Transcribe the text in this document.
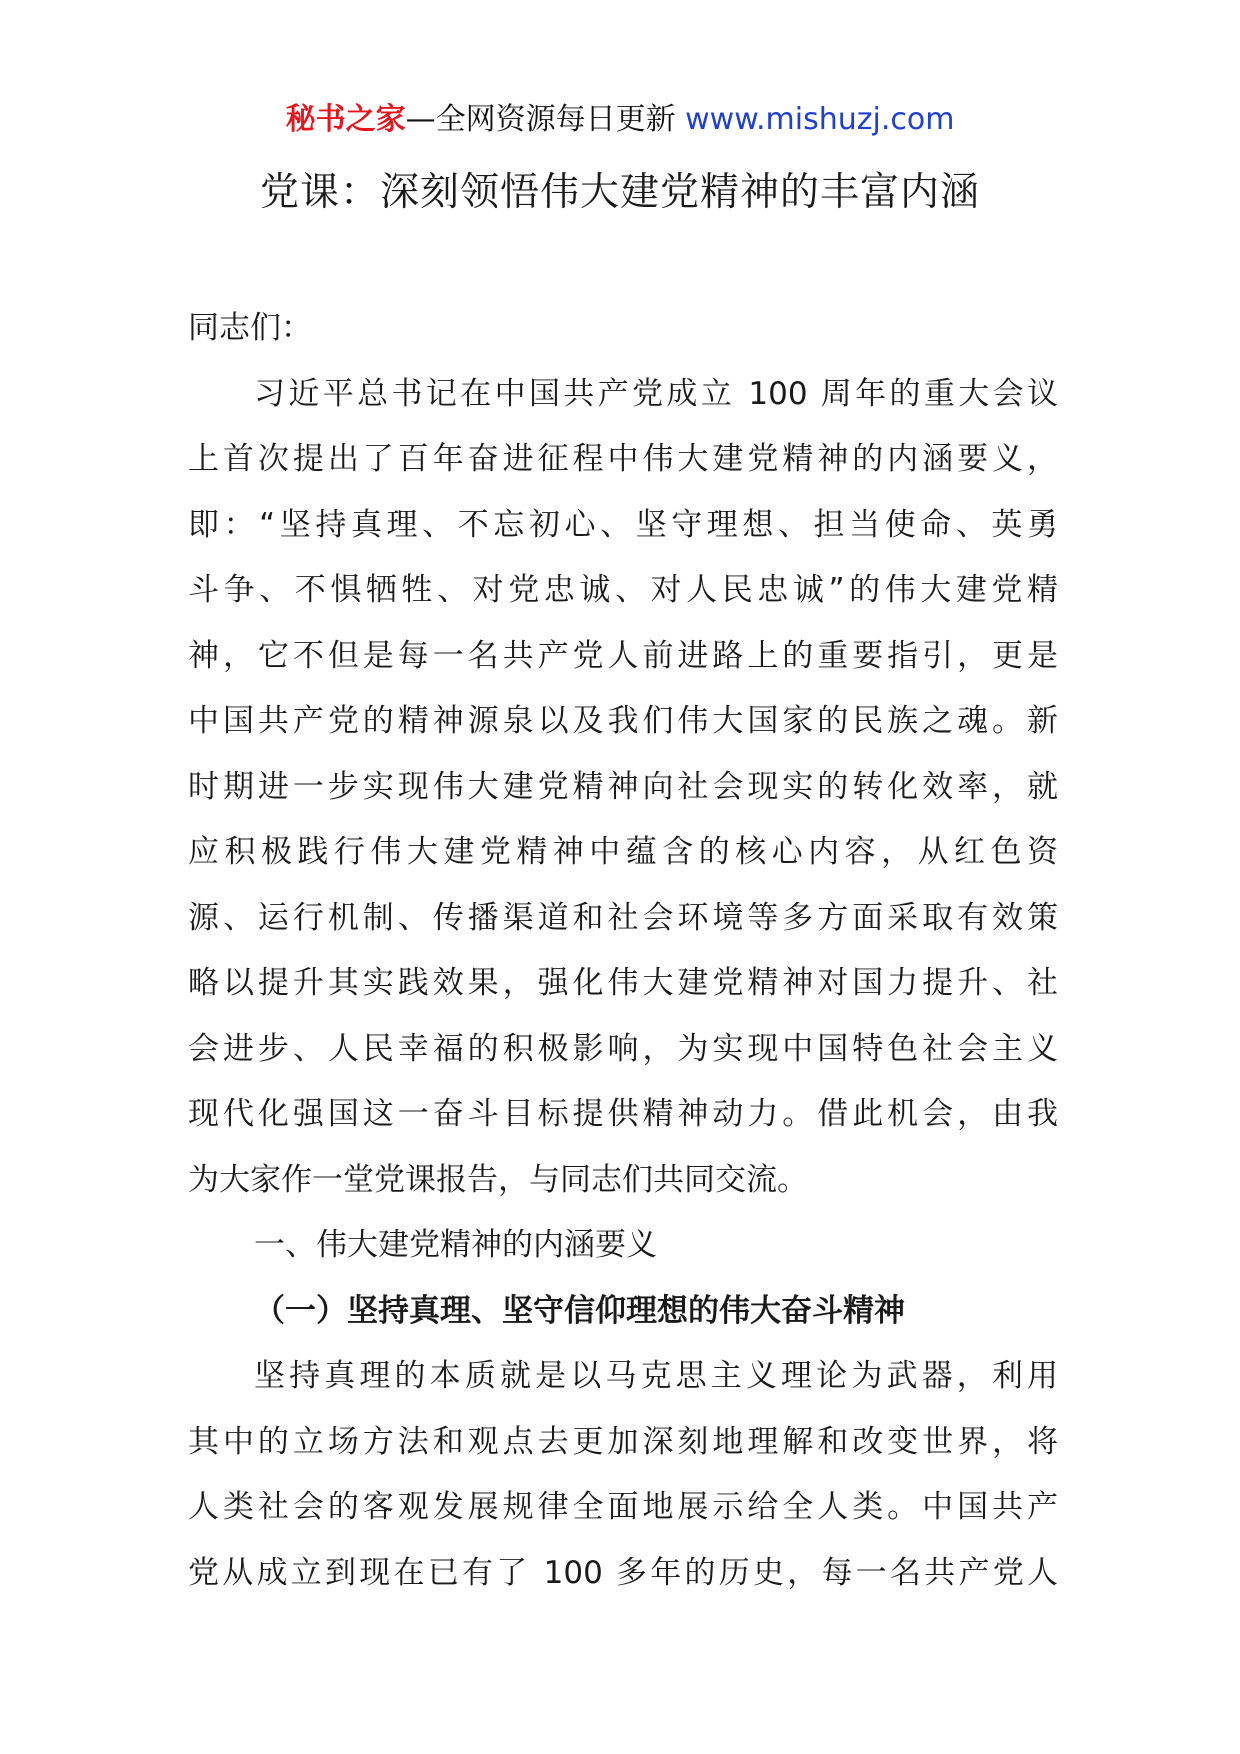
秘书之家—全网资源每日更新 www.mishuzj.com
党课：深刻领悟伟大建党精神的丰富内涵
同志们：
习近平总书记在中国共产党成立 100 周年的重大会议
上首次提出了百年奋进征程中伟大建党精神的内涵要义，
即：“坚持真理、不忘初心、坚守理想、担当使命、英勇
斗争、不惧牺牲、对党忠诚、对人民忠诚”的伟大建党精
神，它不但是每一名共产党人前进路上的重要指引，更是
中国共产党的精神源泉以及我们伟大国家的民族之魂。新
时期进一步实现伟大建党精神向社会现实的转化效率，就
应积极践行伟大建党精神中蕴含的核心内容，从红色资
源、运行机制、传播渠道和社会环境等多方面采取有效策
略以提升其实践效果，强化伟大建党精神对国力提升、社
会进步、人民幸福的积极影响，为实现中国特色社会主义
现代化强国这一奋斗目标提供精神动力。借此机会，由我
为大家作一堂党课报告，与同志们共同交流。
一、伟大建党精神的内涵要义
（一）坚持真理、坚守信仰理想的伟大奋斗精神
坚持真理的本质就是以马克思主义理论为武器，利用
其中的立场方法和观点去更加深刻地理解和改变世界，将
人类社会的客观发展规律全面地展示给全人类。中国共产
党从成立到现在已有了 100 多年的历史，每一名共产党人
